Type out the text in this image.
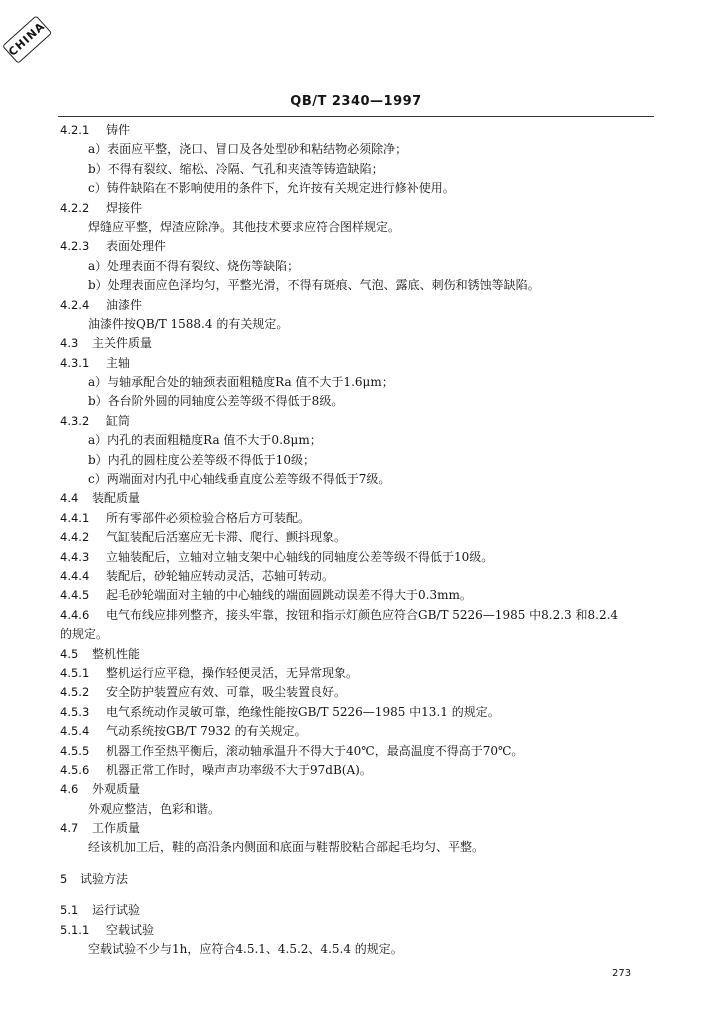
CHINA
QB/T 2340—1997
4.2.1 铸件
a）表面应平整，浇口、冒口及各处型砂和粘结物必须除净；
b）不得有裂纹、缩松、冷隔、气孔和夹渣等铸造缺陷；
c）铸件缺陷在不影响使用的条件下，允许按有关规定进行修补使用。
4.2.2 焊接件
焊缝应平整，焊渣应除净。其他技术要求应符合图样规定。
4.2.3 表面处理件
a）处理表面不得有裂纹、烧伤等缺陷；
b）处理表面应色泽均匀，平整光滑，不得有斑痕、气泡、露底、刺伤和锈蚀等缺陷。
4.2.4 油漆件
油漆件按QB/T 1588.4 的有关规定。
4.3 主关件质量
4.3.1 主轴
a）与轴承配合处的轴颈表面粗糙度Ra 值不大于1.6μm；
b）各台阶外圆的同轴度公差等级不得低于8级。
4.3.2 缸筒
a）内孔的表面粗糙度Ra 值不大于0.8μm；
b）内孔的圆柱度公差等级不得低于10级；
c）两端面对内孔中心轴线垂直度公差等级不得低于7级。
4.4 装配质量
4.4.1 所有零部件必须检验合格后方可装配。
4.4.2 气缸装配后活塞应无卡滞、爬行、颤抖现象。
4.4.3 立轴装配后，立轴对立轴支架中心轴线的同轴度公差等级不得低于10级。
4.4.4 装配后，砂轮轴应转动灵活，芯轴可转动。
4.4.5 起毛砂轮端面对主轴的中心轴线的端面圆跳动误差不得大于0.3mm。
4.4.6 电气布线应排列整齐，接头牢靠，按钮和指示灯颜色应符合GB/T 5226—1985 中8.2.3 和8.2.4
的规定。
4.5 整机性能
4.5.1 整机运行应平稳，操作轻便灵活，无异常现象。
4.5.2 安全防护装置应有效、可靠，吸尘装置良好。
4.5.3 电气系统动作灵敏可靠，绝缘性能按GB/T 5226—1985 中13.1 的规定。
4.5.4 气动系统按GB/T 7932 的有关规定。
4.5.5 机器工作至热平衡后，滚动轴承温升不得大于40℃，最高温度不得高于70℃。
4.5.6 机器正常工作时，噪声声功率级不大于97dB(A)。
4.6 外观质量
外观应整洁，色彩和谐。
4.7 工作质量
经该机加工后，鞋的高沿条内侧面和底面与鞋帮胶粘合部起毛均匀、平整。
5 试验方法
5.1 运行试验
5.1.1 空载试验
空载试验不少与1h，应符合4.5.1、4.5.2、4.5.4 的规定。
273
